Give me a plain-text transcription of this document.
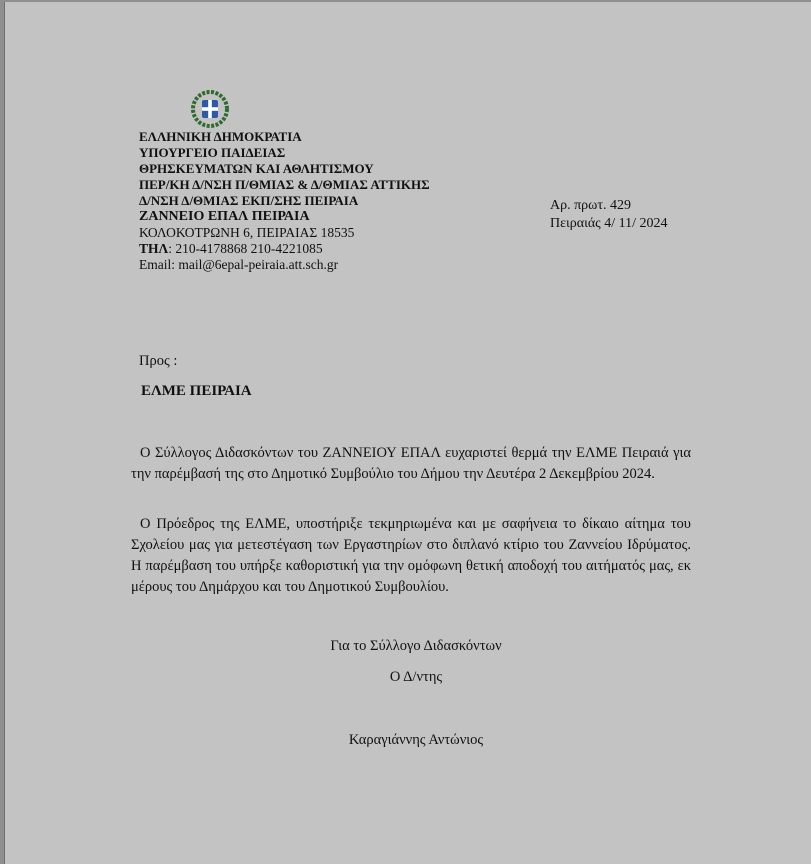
ΕΛΛΗΝΙΚΗ ΔΗΜΟΚΡΑΤΙΑ
ΥΠΟΥΡΓΕΙΟ ΠΑΙΔΕΙΑΣ
ΘΡΗΣΚΕΥΜΑΤΩΝ ΚΑΙ ΑΘΛΗΤΙΣΜΟΥ
ΠΕΡ/ΚΗ Δ/ΝΣΗ Π/ΘΜΙΑΣ & Δ/ΘΜΙΑΣ ΑΤΤΙΚΗΣ
Δ/ΝΣΗ Δ/ΘΜΙΑΣ ΕΚΠ/ΣΗΣ ΠΕΙΡΑΙΑ
ΖΑΝΝΕΙΟ ΕΠΑΛ ΠΕΙΡΑΙΑ
ΚΟΛΟΚΟΤΡΩΝΗ 6, ΠΕΙΡΑΙΑΣ 18535
ΤΗΛ: 210-4178868 210-4221085
Email: mail@6epal-peiraia.att.sch.gr
Αρ. πρωτ. 429
Πειραιάς 4/ 11/ 2024
Προς :
ΕΛΜΕ ΠΕΙΡΑΙΑ
Ο Σύλλογος Διδασκόντων του ΖΑΝΝΕΙΟΥ ΕΠΑΛ ευχαριστεί θερμά την ΕΛΜΕ Πειραιά για την παρέμβασή της στο Δημοτικό Συμβούλιο του Δήμου την Δευτέρα 2 Δεκεμβρίου 2024.
Ο Πρόεδρος της ΕΛΜΕ, υποστήριξε τεκμηριωμένα και με σαφήνεια το δίκαιο αίτημα του Σχολείου μας για μετεστέγαση των Εργαστηρίων στο διπλανό κτίριο του Ζαννείου Ιδρύματος. Η παρέμβαση του υπήρξε καθοριστική για την ομόφωνη θετική αποδοχή του αιτήματός μας, εκ μέρους του Δημάρχου και του Δημοτικού Συμβουλίου.
Για το Σύλλογο Διδασκόντων
Ο Δ/ντης
Καραγιάννης Αντώνιος
